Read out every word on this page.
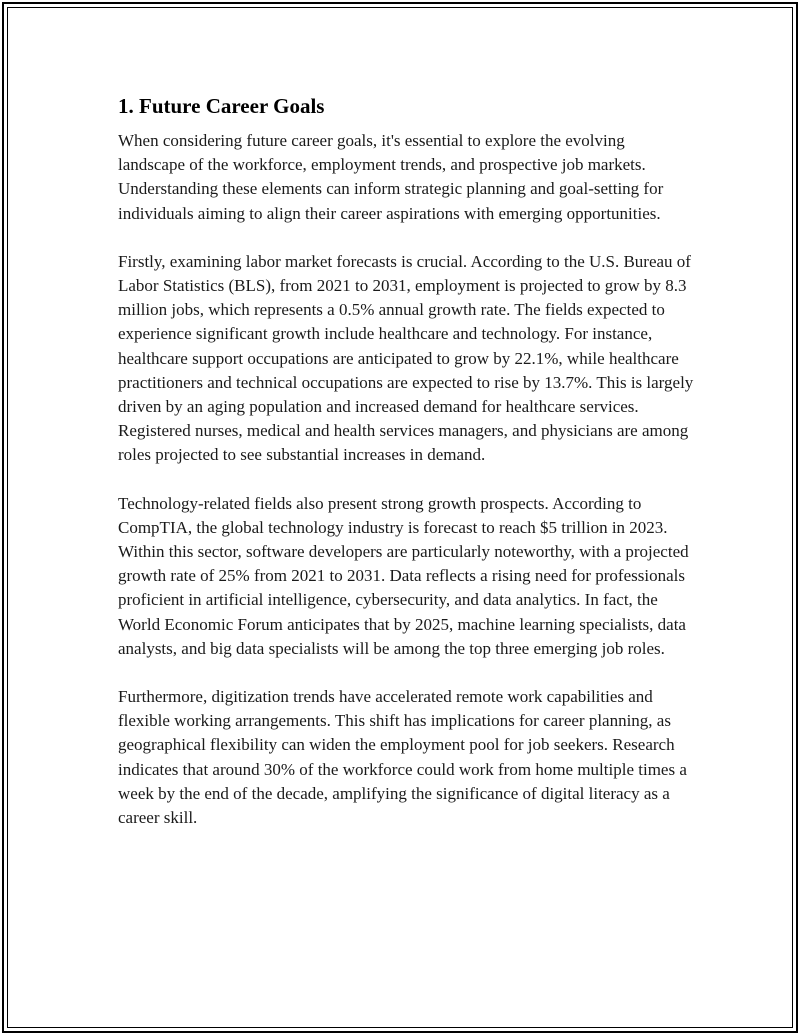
1. Future Career Goals

When considering future career goals, it's essential to explore the evolving landscape of the workforce, employment trends, and prospective job markets. Understanding these elements can inform strategic planning and goal-setting for individuals aiming to align their career aspirations with emerging opportunities.

Firstly, examining labor market forecasts is crucial. According to the U.S. Bureau of Labor Statistics (BLS), from 2021 to 2031, employment is projected to grow by 8.3 million jobs, which represents a 0.5% annual growth rate. The fields expected to experience significant growth include healthcare and technology. For instance, healthcare support occupations are anticipated to grow by 22.1%, while healthcare practitioners and technical occupations are expected to rise by 13.7%. This is largely driven by an aging population and increased demand for healthcare services. Registered nurses, medical and health services managers, and physicians are among roles projected to see substantial increases in demand.

Technology-related fields also present strong growth prospects. According to CompTIA, the global technology industry is forecast to reach $5 trillion in 2023. Within this sector, software developers are particularly noteworthy, with a projected growth rate of 25% from 2021 to 2031. Data reflects a rising need for professionals proficient in artificial intelligence, cybersecurity, and data analytics. In fact, the World Economic Forum anticipates that by 2025, machine learning specialists, data analysts, and big data specialists will be among the top three emerging job roles.

Furthermore, digitization trends have accelerated remote work capabilities and flexible working arrangements. This shift has implications for career planning, as geographical flexibility can widen the employment pool for job seekers. Research indicates that around 30% of the workforce could work from home multiple times a week by the end of the decade, amplifying the significance of digital literacy as a career skill.
